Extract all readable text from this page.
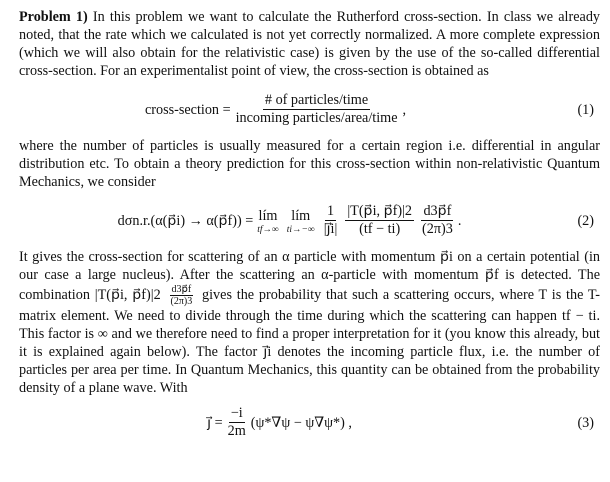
Problem 1) In this problem we want to calculate the Rutherford cross-section. In class we already noted, that the rate which we calculated is not yet correctly normalized. A more complete expression (which we will also obtain for the relativistic case) is given by the use of the so-called differential cross-section. For an experimentalist point of view, the cross-section is obtained as

cross-section = $\frac{\text{\# of particles/time}}{\text{incoming particles/area/time}}$ ,	(1)

where the number of particles is usually measured for a certain region i.e. differential in angular distribution etc. To obtain a theory prediction for this cross-section within non-relativistic Quantum Mechanics, we consider

dσn.r.(α(p⃗i) → α(p⃗f)) = lím
tf→∞
lím
$ti\to-\infty \frac{1}{|j⃗i|} \frac{|T(p⃗i, p⃗f)|2}{(tf - ti)} \frac{d3p⃗f}{(2\pi)3}$ .	(2)

It gives the cross-section for scattering of an α particle with momentum p⃗i on a certain potential (in our case a large nucleus). After the scattering an α-particle with momentum p⃗f is detected. The combination |T(p⃗i, p⃗f)|2 $\frac{d3p⃗f}{(2\pi)3}$ gives the probability that such a scattering occurs, where T is the T-matrix element. We need to divide through the time during which the scattering can happen tf − ti. This factor is ∞ and we therefore need to find a proper interpretation for it (you know this already, but it is explained again below). The factor j⃗i denotes the incoming particle flux, i.e. the number of particles per area per time. In Quantum Mechanics, this quantity can be obtained from the probability density of a plane wave. With

j⃗ = $\frac{-i}{2m} (\psi*\nabla\psi - \psi\nabla\psi*)$ ,	(3)
